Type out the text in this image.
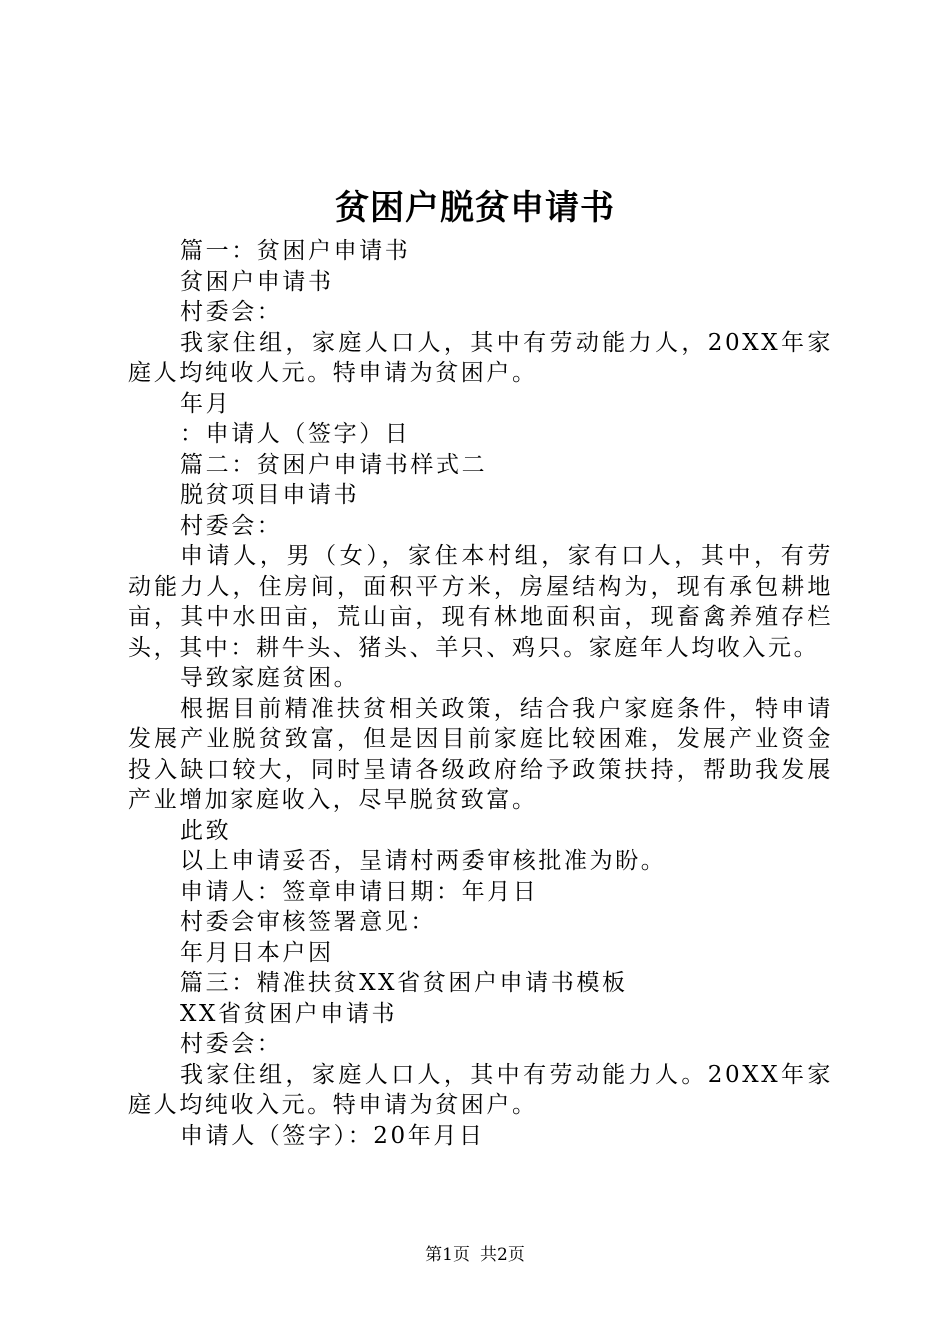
贫困户脱贫申请书

篇一：贫困户申请书

贫困户申请书

村委会：

我家住组，家庭人口人，其中有劳动能力人，20XX年家庭人均纯收人元。特申请为贫困户。

年月

：申请人（签字）日

篇二：贫困户申请书样式二

脱贫项目申请书

村委会：

申请人，男（女），家住本村组，家有口人，其中，有劳动能力人，住房间，面积平方米，房屋结构为，现有承包耕地亩，其中水田亩，荒山亩，现有林地面积亩，现畜禽养殖存栏头，其中：耕牛头、猪头、羊只、鸡只。家庭年人均收入元。

导致家庭贫困。

根据目前精准扶贫相关政策，结合我户家庭条件，特申请发展产业脱贫致富，但是因目前家庭比较困难，发展产业资金投入缺口较大，同时呈请各级政府给予政策扶持，帮助我发展产业增加家庭收入，尽早脱贫致富。

此致

以上申请妥否，呈请村两委审核批准为盼。

申请人：签章申请日期：年月日

村委会审核签署意见：

年月日本户因

篇三：精准扶贫XX省贫困户申请书模板

XX省贫困户申请书

村委会：

我家住组，家庭人口人，其中有劳动能力人。20XX年家庭人均纯收入元。特申请为贫困户。

申请人（签字）：20年月日

第1页 共2页
